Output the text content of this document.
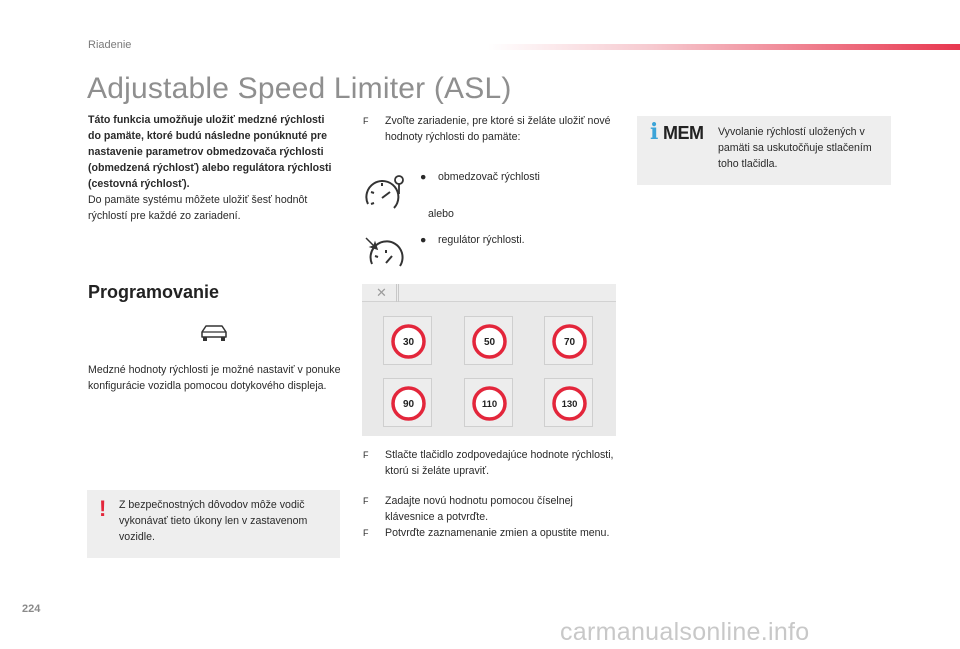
Riadenie
Adjustable Speed Limiter (ASL)

Táto funkcia umožňuje uložiť medzné rýchlosti do pamäte, ktoré budú následne ponúknuté pre nastavenie parametrov obmedzovača rýchlosti (obmedzená rýchlosť) alebo regulátora rýchlosti (cestovná rýchlosť).

Do pamäte systému môžete uložiť šesť hodnôt rýchlostí pre každé zo zariadení.

Programovanie
Medzné hodnoty rýchlosti je možné nastaviť v ponuke konfigurácie vozidla pomocou dotykového displeja.
! Z bezpečnostných dôvodov môže vodič vykonávať tieto úkony len v zastavenom vozidle.
F	Zvoľte zariadenie, pre ktoré si želáte uložiť nové hodnoty rýchlosti do pamäte:
● obmedzovač rýchlosti
alebo
● regulátor rýchlosti.
✕
30	50	70
90	110	130
F	Stlačte tlačidlo zodpovedajúce hodnote rýchlosti, ktorú si želáte upraviť.
F	Zadajte novú hodnotu pomocou číselnej klávesnice a potvrďte.
F	Potvrďte zaznamenanie zmien a opustite menu.
i MEM Vyvolanie rýchlostí uložených v pamäti sa uskutočňuje stlačením toho tlačidla.
224
carmanualsonline.info
